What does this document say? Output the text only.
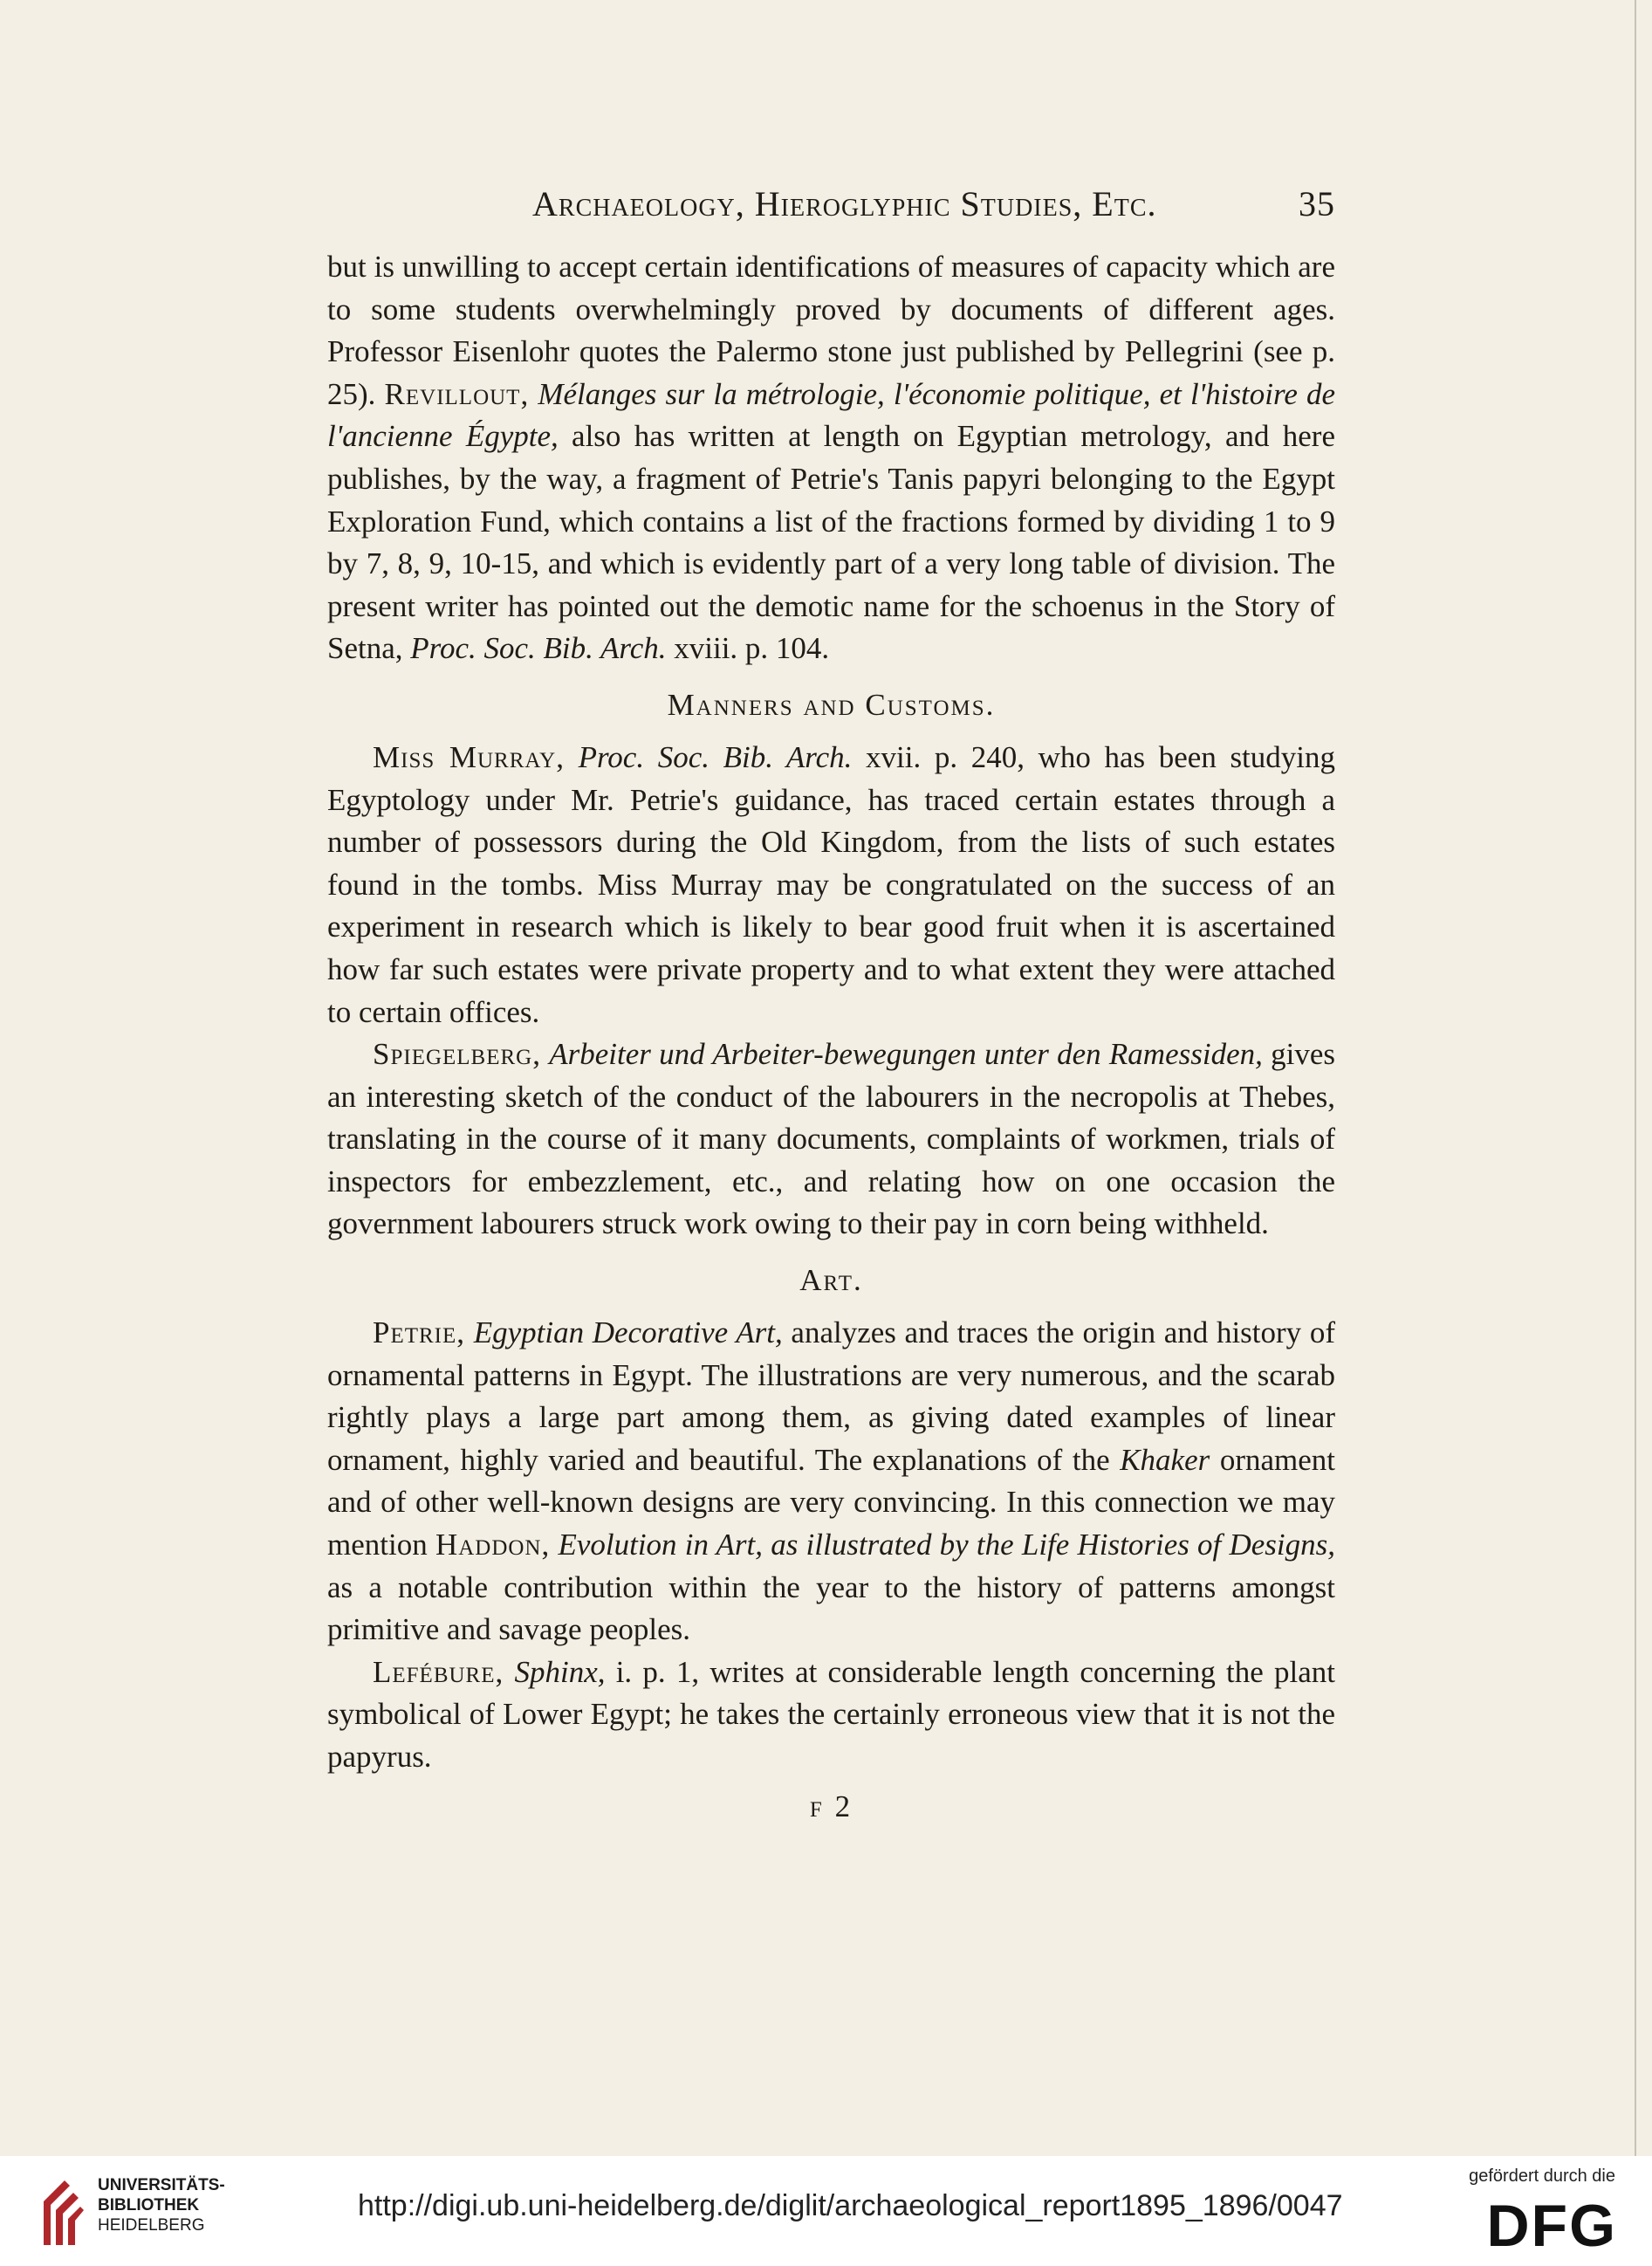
Archaeology, Hieroglyphic Studies, Etc.	35

but is unwilling to accept certain identifications of measures of capacity which are to some students overwhelmingly proved by documents of different ages. Professor Eisenlohr quotes the Palermo stone just published by Pellegrini (see p. 25). Revillout, Mélanges sur la métrologie, l'économie politique, et l'histoire de l'ancienne Égypte, also has written at length on Egyptian metrology, and here publishes, by the way, a fragment of Petrie's Tanis papyri belonging to the Egypt Exploration Fund, which contains a list of the fractions formed by dividing 1 to 9 by 7, 8, 9, 10-15, and which is evidently part of a very long table of division. The present writer has pointed out the demotic name for the schoenus in the Story of Setna, Proc. Soc. Bib. Arch. xviii. p. 104.

Manners and Customs.

Miss Murray, Proc. Soc. Bib. Arch. xvii. p. 240, who has been studying Egyptology under Mr. Petrie's guidance, has traced certain estates through a number of possessors during the Old Kingdom, from the lists of such estates found in the tombs. Miss Murray may be congratulated on the success of an experiment in research which is likely to bear good fruit when it is ascertained how far such estates were private property and to what extent they were attached to certain offices.

Spiegelberg, Arbeiter und Arbeiter-bewegungen unter den Ramessiden, gives an interesting sketch of the conduct of the labourers in the necropolis at Thebes, translating in the course of it many documents, complaints of workmen, trials of inspectors for embezzlement, etc., and relating how on one occasion the government labourers struck work owing to their pay in corn being withheld.

Art.

Petrie, Egyptian Decorative Art, analyzes and traces the origin and history of ornamental patterns in Egypt. The illustrations are very numerous, and the scarab rightly plays a large part among them, as giving dated examples of linear ornament, highly varied and beautiful. The explanations of the Khaker ornament and of other well-known designs are very convincing. In this connection we may mention Haddon, Evolution in Art, as illustrated by the Life Histories of Designs, as a notable contribution within the year to the history of patterns amongst primitive and savage peoples.

Lefébure, Sphinx, i. p. 1, writes at considerable length concerning the plant symbolical of Lower Egypt; he takes the certainly erroneous view that it is not the papyrus.

f 2
UNIVERSITÄTS-
BIBLIOTHEK
HEIDELBERG
http://digi.ub.uni-heidelberg.de/diglit/archaeological_report1895_1896/0047
gefördert durch die
DFG
